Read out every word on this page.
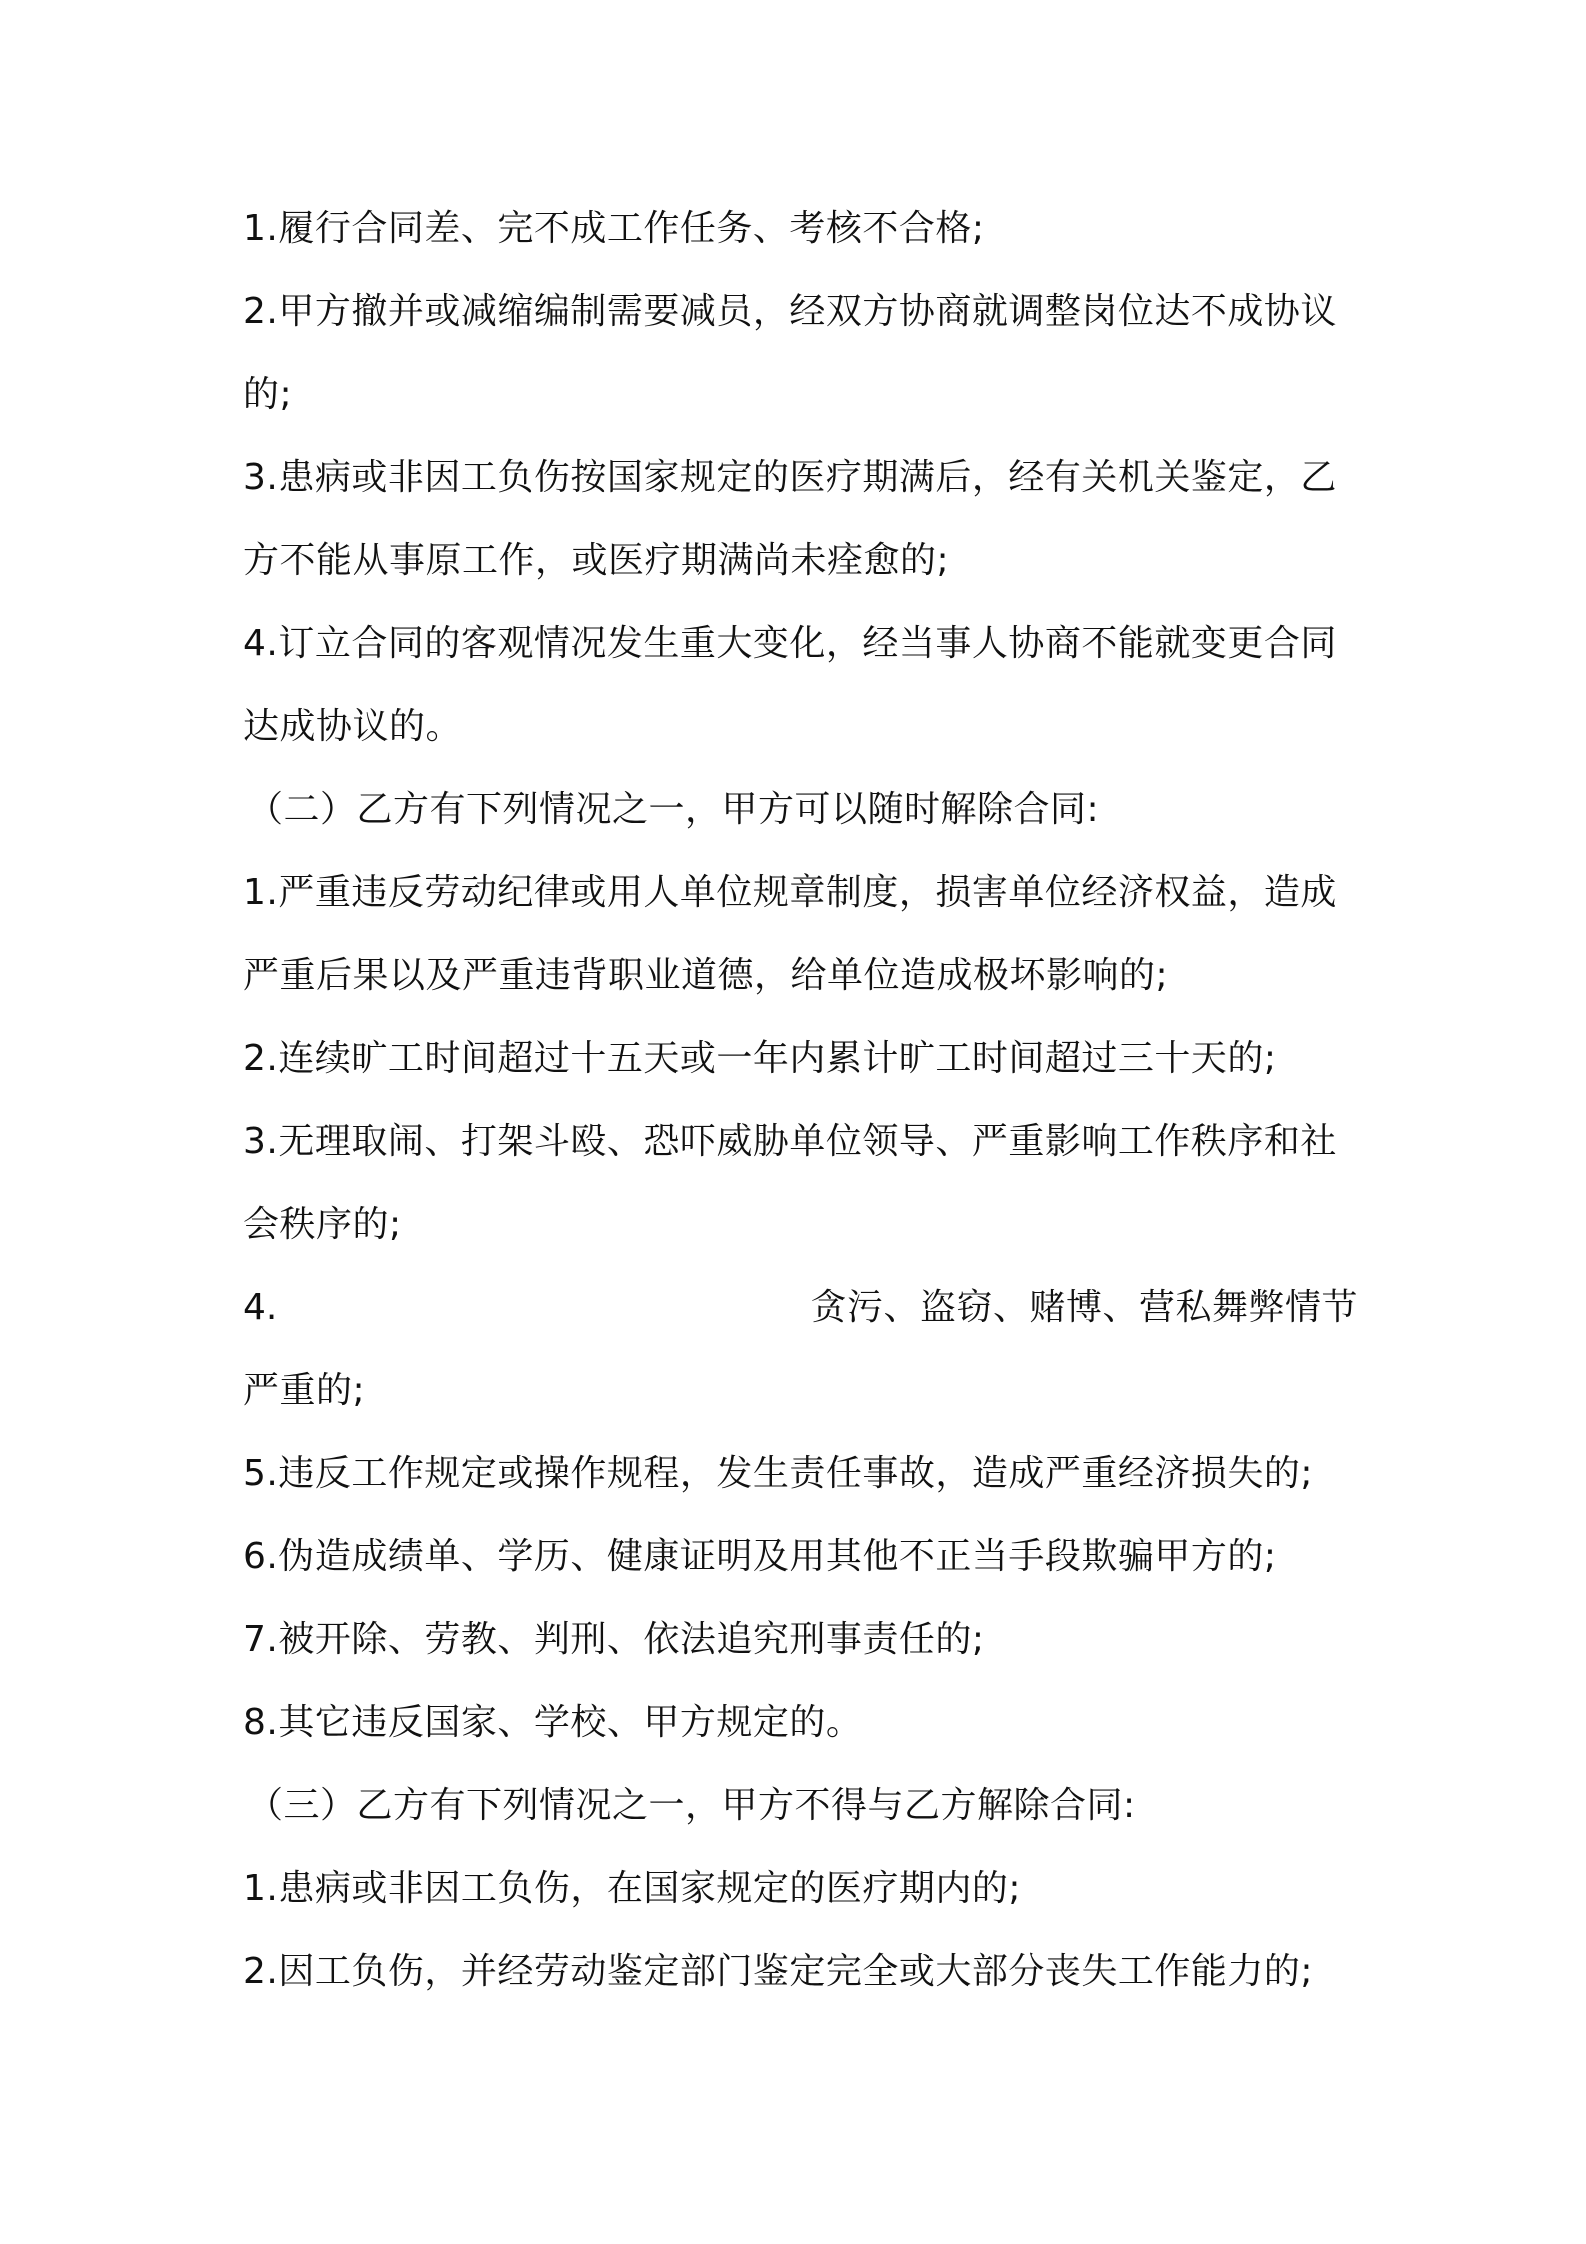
1.履行合同差、完不成工作任务、考核不合格;
2.甲方撤并或减缩编制需要减员，经双方协商就调整岗位达不成协议
的;
3.患病或非因工负伤按国家规定的医疗期满后，经有关机关鉴定，乙
方不能从事原工作，或医疗期满尚未痊愈的;
4.订立合同的客观情况发生重大变化，经当事人协商不能就变更合同
达成协议的。
（二）乙方有下列情况之一，甲方可以随时解除合同:
1.严重违反劳动纪律或用人单位规章制度，损害单位经济权益，造成
严重后果以及严重违背职业道德，给单位造成极坏影响的;
2.连续旷工时间超过十五天或一年内累计旷工时间超过三十天的;
3.无理取闹、打架斗殴、恐吓威胁单位领导、严重影响工作秩序和社
会秩序的;
4.	贪污、盗窃、赌博、营私舞弊情节
严重的;
5.违反工作规定或操作规程，发生责任事故，造成严重经济损失的;
6.伪造成绩单、学历、健康证明及用其他不正当手段欺骗甲方的;
7.被开除、劳教、判刑、依法追究刑事责任的;
8.其它违反国家、学校、甲方规定的。
（三）乙方有下列情况之一，甲方不得与乙方解除合同:
1.患病或非因工负伤，在国家规定的医疗期内的;
2.因工负伤，并经劳动鉴定部门鉴定完全或大部分丧失工作能力的;
